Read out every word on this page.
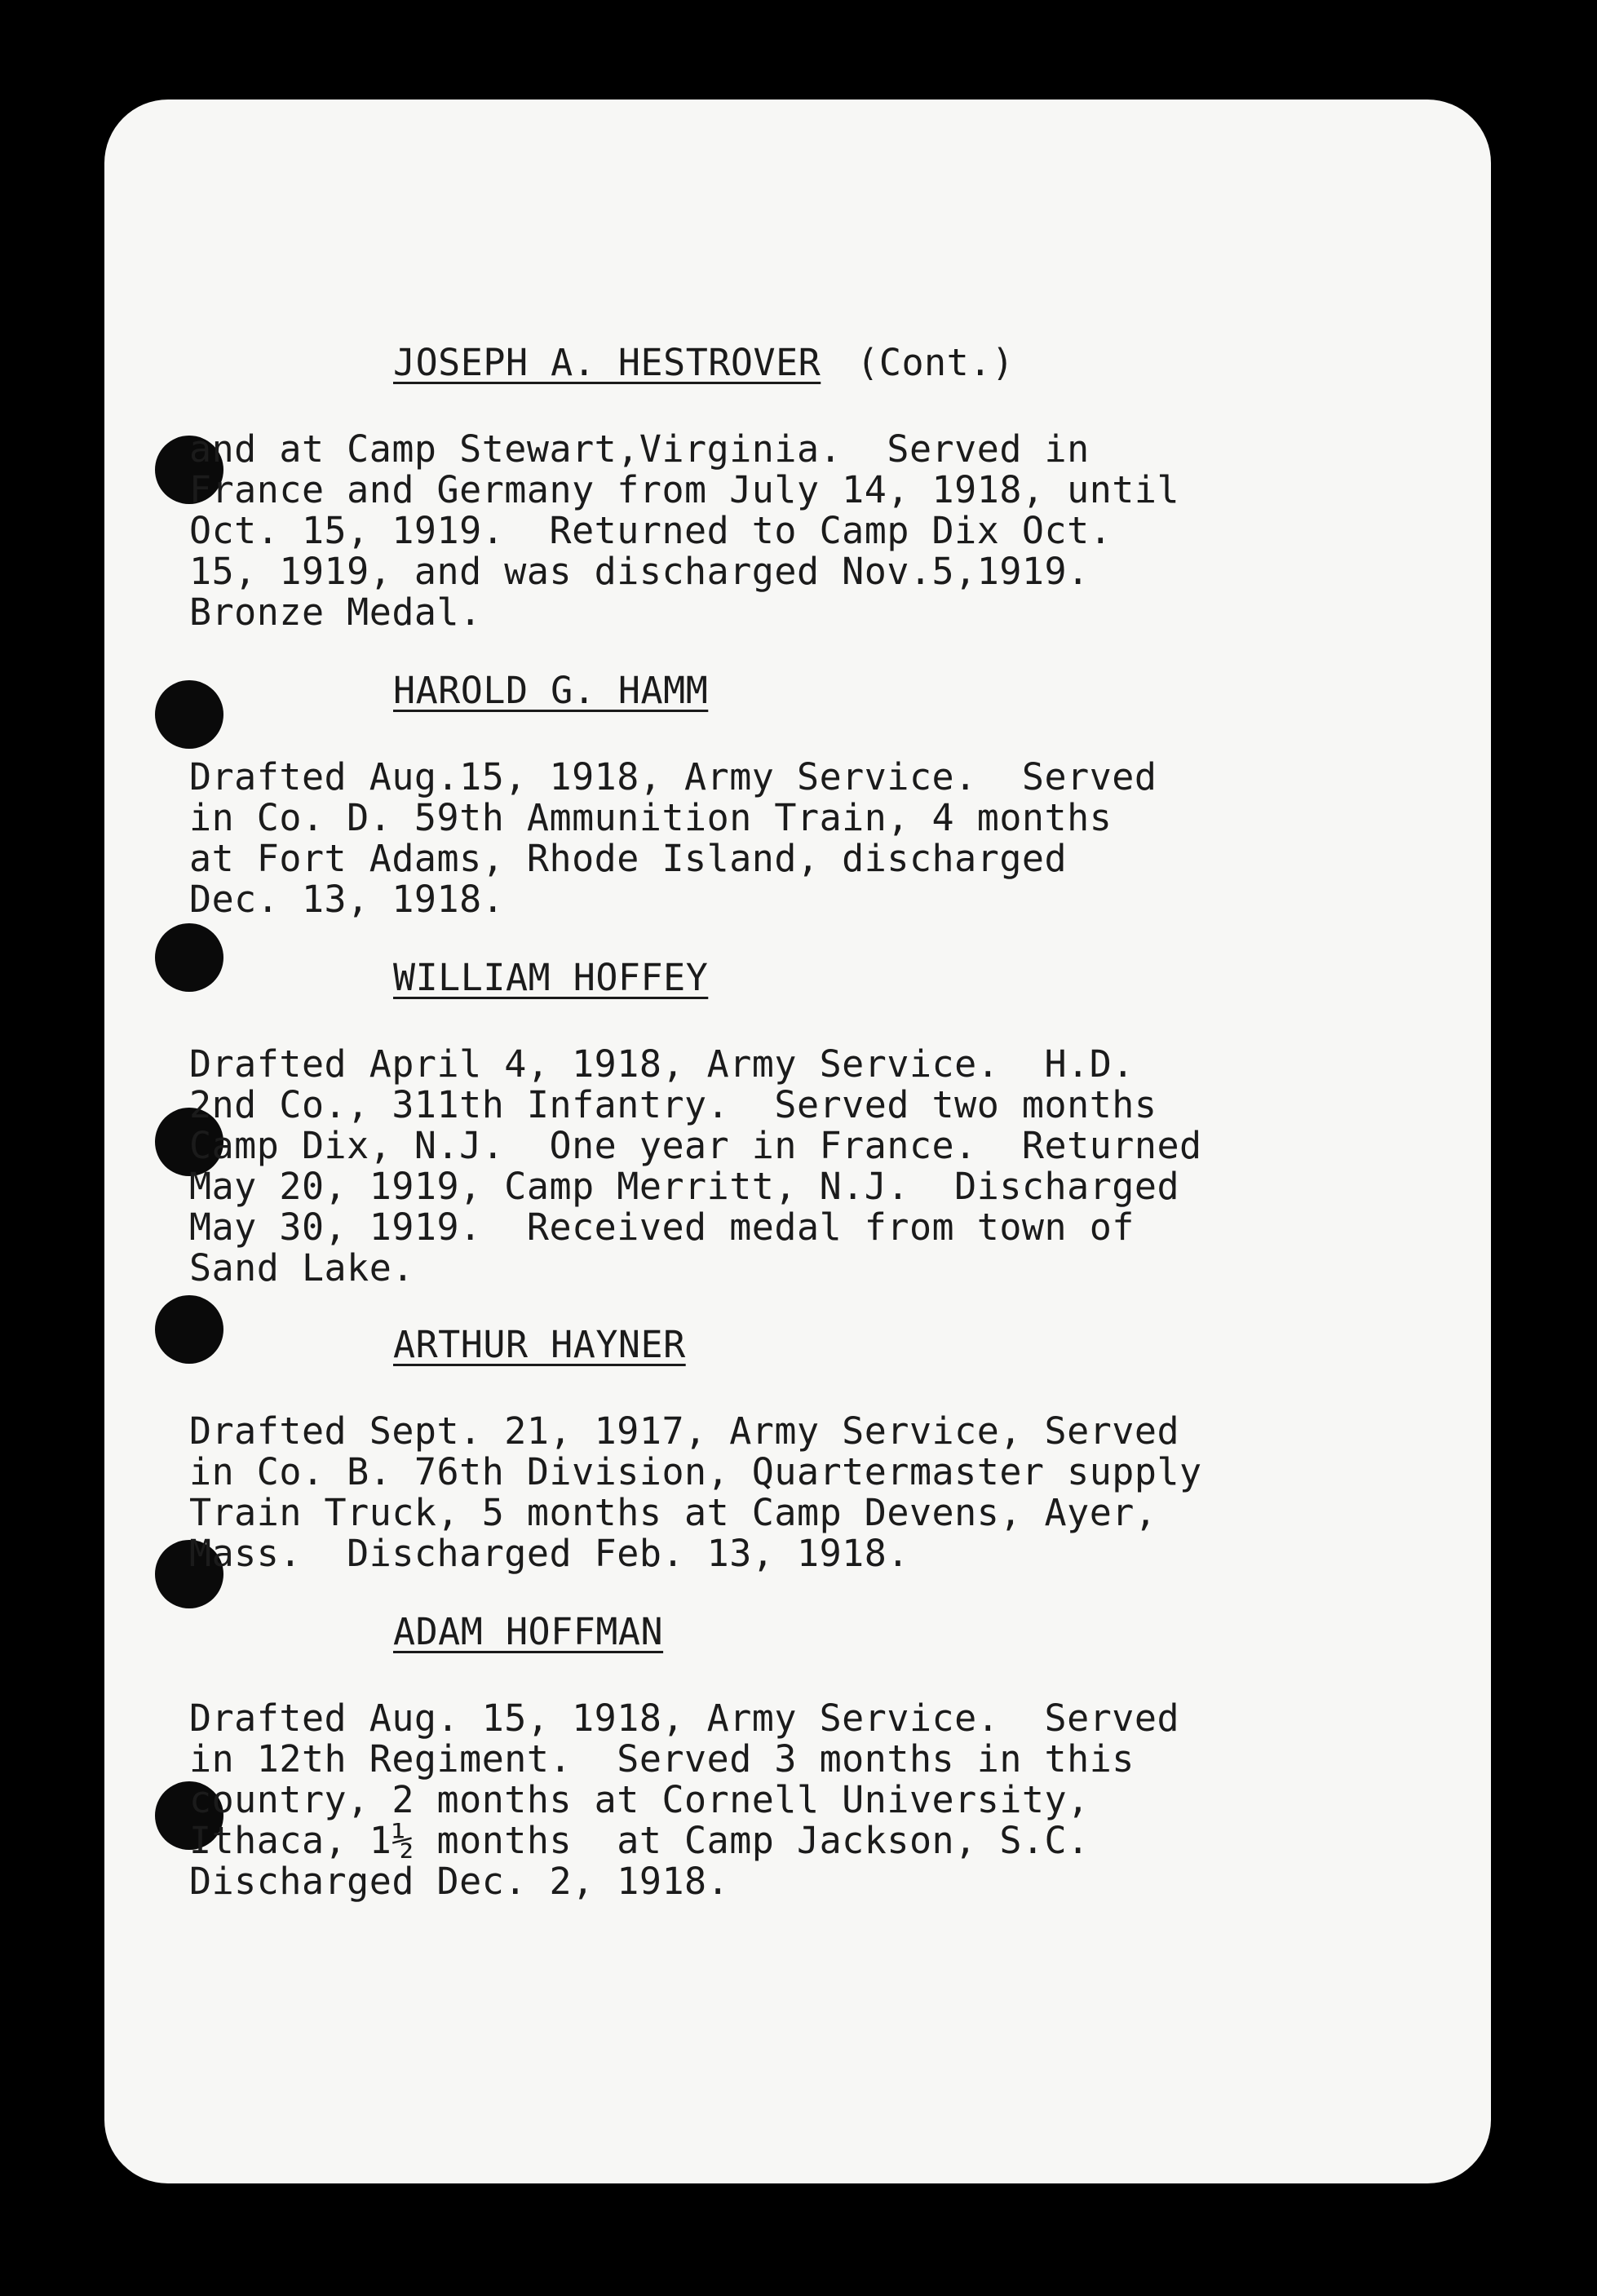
JOSEPH A. HESTROVER (Cont.)

and at Camp Stewart,Virginia.  Served in

France and Germany from July 14, 1918, until

Oct. 15, 1919.  Returned to Camp Dix Oct.

15, 1919, and was discharged Nov.5,1919.

Bronze Medal.

HAROLD G. HAMM

Drafted Aug.15, 1918, Army Service.  Served

in Co. D. 59th Ammunition Train, 4 months

at Fort Adams, Rhode Island, discharged

Dec. 13, 1918.

WILLIAM HOFFEY

Drafted April 4, 1918, Army Service.  H.D.

2nd Co., 311th Infantry.  Served two months

Camp Dix, N.J.  One year in France.  Returned

May 20, 1919, Camp Merritt, N.J.  Discharged

May 30, 1919.  Received medal from town of

Sand Lake.

ARTHUR HAYNER

Drafted Sept. 21, 1917, Army Service, Served

in Co. B. 76th Division, Quartermaster supply

Train Truck, 5 months at Camp Devens, Ayer,

Mass.  Discharged Feb. 13, 1918.

ADAM HOFFMAN

Drafted Aug. 15, 1918, Army Service.  Served

in 12th Regiment.  Served 3 months in this

country, 2 months at Cornell University,

Ithaca, 1½ months  at Camp Jackson, S.C.

Discharged Dec. 2, 1918.
